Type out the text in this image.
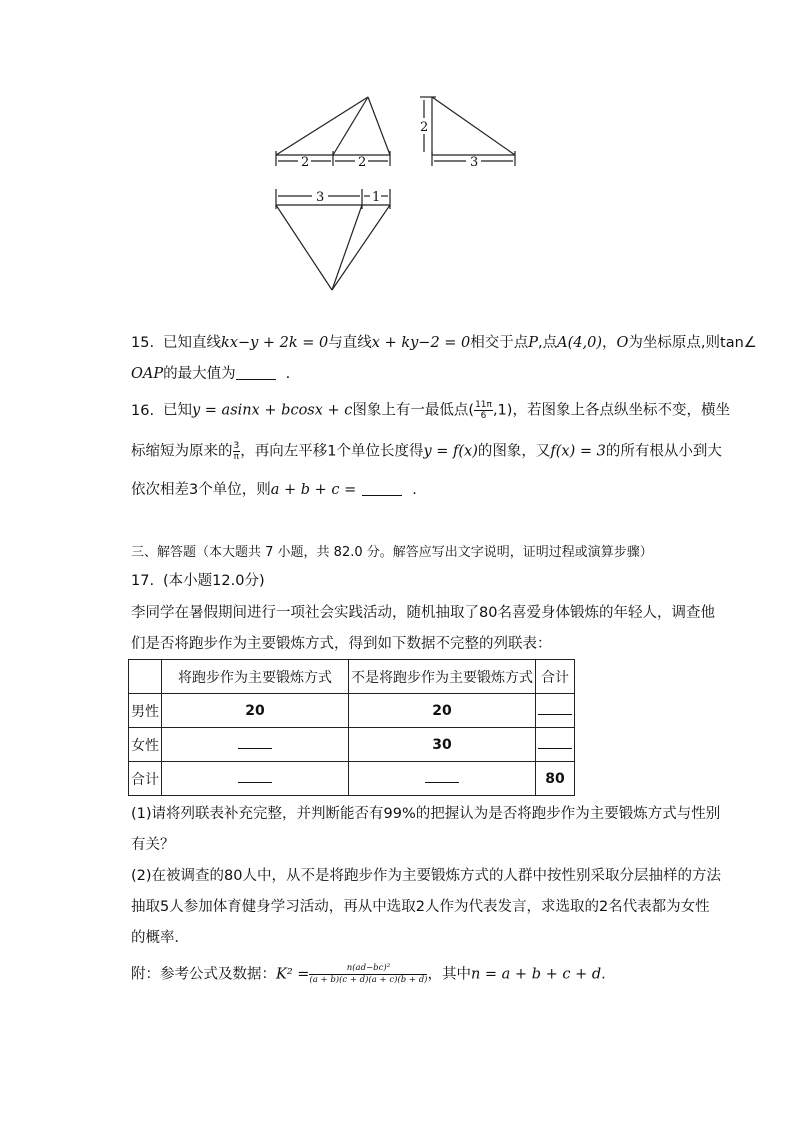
2	2
2
3
3	1
15. 已知直线kx−y + 2k = 0与直线x + ky−2 = 0相交于点P,点A(4,0)，O为坐标原点,则tan∠
OAP的最大值为	.
16. 已知y = asinx + bcosx + c图象上有一最低点( $\frac{11\pi}{6} ,1$)，若图象上各点纵坐标不变，横坐
标缩短为原来的 $\frac{3}{\pi}$ ，再向左平移1个单位长度得y = f(x)的图象，又f(x) = 3的所有根从小到大
依次相差3个单位，则a + b + c =	.
三、解答题（本大题共 7 小题，共 82.0 分。解答应写出文字说明，证明过程或演算步骤）
17. (本小题12.0分)
李同学在暑假期间进行一项社会实践活动，随机抽取了80名喜爱身体锻炼的年轻人，调查他
们是否将跑步作为主要锻炼方式，得到如下数据不完整的列联表：
	将跑步作为主要锻炼方式	不是将跑步作为主要锻炼方式	合计
男性	20	20	
女性		30	
合计			80
(1)请将列联表补充完整，并判断能否有99%的把握认为是否将跑步作为主要锻炼方式与性别
有关？
(2)在被调查的80人中，从不是将跑步作为主要锻炼方式的人群中按性别采取分层抽样的方法
抽取5人参加体育健身学习活动，再从中选取2人作为代表发言，求选取的2名代表都为女性
的概率．
附：参考公式及数据：$K^2 = \frac{\text{n(ad−bc)²}}{(a + b)(c + d)(a + c)(b + d)}$，其中n = a + b + c + d.
